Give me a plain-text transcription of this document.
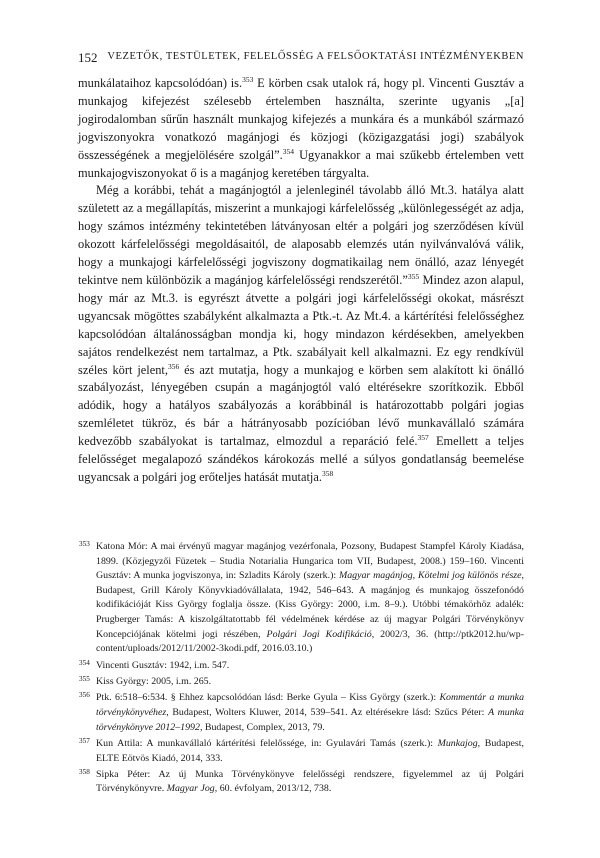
152 VEZETŐK, TESTÜLETEK, FELELŐSSÉG A FELSŐOKTATÁSI INTÉZMÉNYEKBEN

munkálataihoz kapcsolódóan) is.$^{353}$ E körben csak utalok rá, hogy pl. Vincenti Gusztáv a munkajog kifejezést szélesebb értelemben használta, szerinte ugyanis „[a] jogirodalomban sűrűn használt munkajog kifejezés a munkára és a munkából származó jogviszonyokra vonatkozó magánjogi és közjogi (közigazgatási jogi) szabályok összességének a megjelölésére szolgál”.$^{354}$ Ugyanakkor a mai szűkebb értelemben vett munkajogviszonyokat ő is a magánjog keretében tárgyalta.

Még a korábbi, tehát a magánjogtól a jelenleginél távolabb álló Mt.3. hatálya alatt született az a megállapítás, miszerint a munkajogi kárfelelősség „különlegességét az adja, hogy számos intézmény tekintetében látványosan eltér a polgári jog szerződésen kívül okozott kárfelelősségi megoldásaitól, de alaposabb elemzés után nyilvánvalóvá válik, hogy a munkajogi kárfelelősségi jogviszony dogmatikailag nem önálló, azaz lényegét tekintve nem különbözik a magánjog kárfelelősségi rendszerétől.”$^{355}$ Mindez azon alapul, hogy már az Mt.3. is egyrészt átvette a polgári jogi kárfelelősségi okokat, másrészt ugyancsak mögöttes szabályként alkalmazta a Ptk.-t. Az Mt.4. a kártérítési felelősséghez kapcsolódóan általánosságban mondja ki, hogy mindazon kérdésekben, amelyekben sajátos rendelkezést nem tartalmaz, a Ptk. szabályait kell alkalmazni. Ez egy rendkívül széles kört jelent,$^{356}$ és azt mutatja, hogy a munkajog e körben sem alakított ki önálló szabályozást, lényegében csupán a magánjogtól való eltérésekre szorítkozik. Ebből adódik, hogy a hatályos szabályozás a korábbinál is határozottabb polgári jogias szemléletet tükröz, és bár a hátrányosabb pozícióban lévő munkavállaló számára kedvezőbb szabályokat is tartalmaz, elmozdul a reparáció felé.$^{357}$ Emellett a teljes felelősséget megalapozó szándékos károkozás mellé a súlyos gondatlanság beemelése ugyancsak a polgári jog erőteljes hatását mutatja.$^{358}$

353 Katona Mór: A mai érvényű magyar magánjog vezérfonala, Pozsony, Budapest Stampfel Károly Kiadása, 1899. (Közjegyzői Füzetek – Studia Notarialia Hungarica tom VII, Budapest, 2008.) 159–160. Vincenti Gusztáv: A munka jogviszonya, in: Szladits Károly (szerk.): Magyar magánjog, Kötelmi jog különös része, Budapest, Grill Károly Könyvkiadóvállalata, 1942, 546–643. A magánjog és munkajog összefonódó kodifikációját Kiss György foglalja össze. (Kiss György: 2000, i.m. 8–9.). Utóbbi témakörhöz adalék: Prugberger Tamás: A kiszolgáltatottabb fél védelmének kérdése az új magyar Polgári Törvénykönyv Koncepciójának kötelmi jogi részében, Polgári Jogi Kodifikáció, 2002/3, 36. (http://ptk2012.hu/wp-content/uploads/2012/11/2002-3kodi.pdf, 2016.03.10.)
354 Vincenti Gusztáv: 1942, i.m. 547.
355 Kiss György: 2005, i.m. 265.
356 Ptk. 6:518–6:534. § Ehhez kapcsolódóan lásd: Berke Gyula – Kiss György (szerk.): Kommentár a munka törvénykönyvéhez, Budapest, Wolters Kluwer, 2014, 539–541. Az eltérésekre lásd: Szűcs Péter: A munka törvénykönyve 2012–1992, Budapest, Complex, 2013, 79.
357 Kun Attila: A munkavállaló kártérítési felelőssége, in: Gyulavári Tamás (szerk.): Munkajog, Budapest, ELTE Eötvös Kiadó, 2014, 333.
358 Sipka Péter: Az új Munka Törvénykönyve felelősségi rendszere, figyelemmel az új Polgári Törvénykönyvre. Magyar Jog, 60. évfolyam, 2013/12, 738.
